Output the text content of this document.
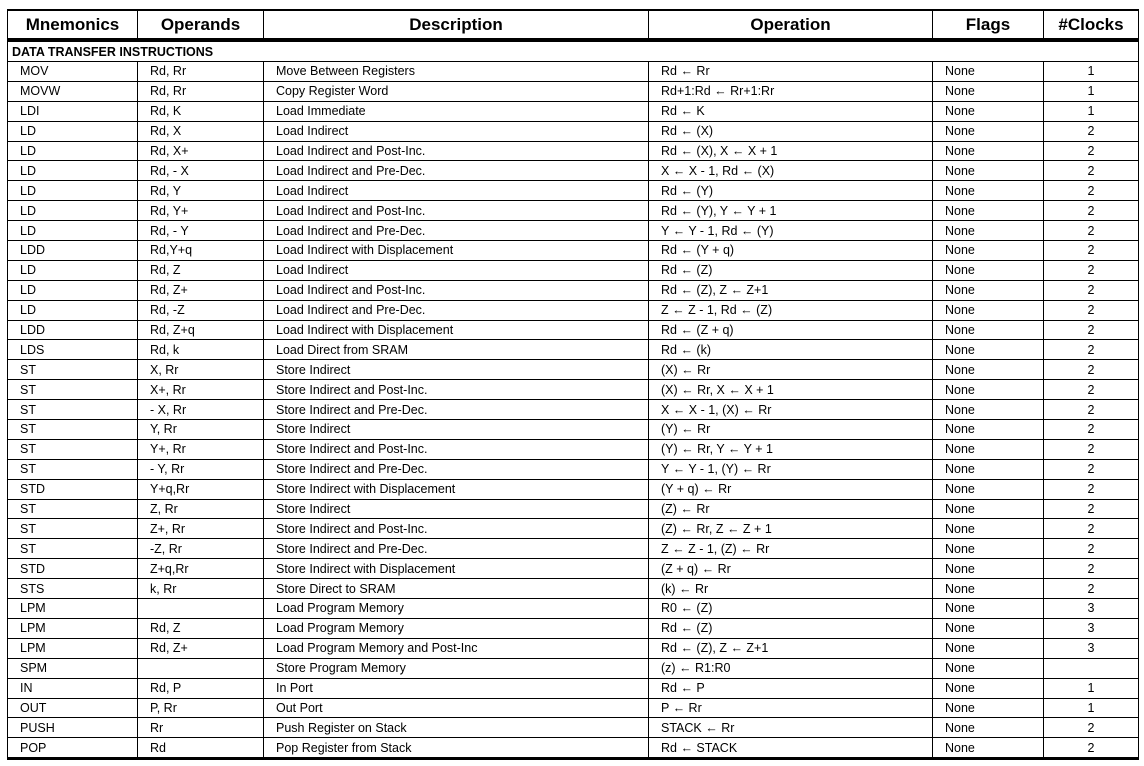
Mnemonics	Operands	Description	Operation	Flags	#Clocks
DATA TRANSFER INSTRUCTIONS					
MOV	Rd, Rr	Move Between Registers	Rd ← Rr	None	1
MOVW	Rd, Rr	Copy Register Word	Rd+1:Rd ← Rr+1:Rr	None	1
LDI	Rd, K	Load Immediate	Rd ← K	None	1
LD	Rd, X	Load Indirect	Rd ← (X)	None	2
LD	Rd, X+	Load Indirect and Post-Inc.	Rd ← (X), X ← X + 1	None	2
LD	Rd, - X	Load Indirect and Pre-Dec.	X ← X - 1, Rd ← (X)	None	2
LD	Rd, Y	Load Indirect	Rd ← (Y)	None	2
LD	Rd, Y+	Load Indirect and Post-Inc.	Rd ← (Y), Y ← Y + 1	None	2
LD	Rd, - Y	Load Indirect and Pre-Dec.	Y ← Y - 1, Rd ← (Y)	None	2
LDD	Rd,Y+q	Load Indirect with Displacement	Rd ← (Y + q)	None	2
LD	Rd, Z	Load Indirect	Rd ← (Z)	None	2
LD	Rd, Z+	Load Indirect and Post-Inc.	Rd ← (Z), Z ← Z+1	None	2
LD	Rd, -Z	Load Indirect and Pre-Dec.	Z ← Z - 1, Rd ← (Z)	None	2
LDD	Rd, Z+q	Load Indirect with Displacement	Rd ← (Z + q)	None	2
LDS	Rd, k	Load Direct from SRAM	Rd ← (k)	None	2
ST	X, Rr	Store Indirect	(X) ← Rr	None	2
ST	X+, Rr	Store Indirect and Post-Inc.	(X) ← Rr, X ← X + 1	None	2
ST	- X, Rr	Store Indirect and Pre-Dec.	X ← X - 1, (X) ← Rr	None	2
ST	Y, Rr	Store Indirect	(Y) ← Rr	None	2
ST	Y+, Rr	Store Indirect and Post-Inc.	(Y) ← Rr, Y ← Y + 1	None	2
ST	- Y, Rr	Store Indirect and Pre-Dec.	Y ← Y - 1, (Y) ← Rr	None	2
STD	Y+q,Rr	Store Indirect with Displacement	(Y + q) ← Rr	None	2
ST	Z, Rr	Store Indirect	(Z) ← Rr	None	2
ST	Z+, Rr	Store Indirect and Post-Inc.	(Z) ← Rr, Z ← Z + 1	None	2
ST	-Z, Rr	Store Indirect and Pre-Dec.	Z ← Z - 1, (Z) ← Rr	None	2
STD	Z+q,Rr	Store Indirect with Displacement	(Z + q) ← Rr	None	2
STS	k, Rr	Store Direct to SRAM	(k) ← Rr	None	2
LPM		Load Program Memory	R0 ← (Z)	None	3
LPM	Rd, Z	Load Program Memory	Rd ← (Z)	None	3
LPM	Rd, Z+	Load Program Memory and Post-Inc	Rd ← (Z), Z ← Z+1	None	3
SPM		Store Program Memory	(z) ← R1:R0	None	
IN	Rd, P	In Port	Rd ← P	None	1
OUT	P, Rr	Out Port	P ← Rr	None	1
PUSH	Rr	Push Register on Stack	STACK ← Rr	None	2
POP	Rd	Pop Register from Stack	Rd ← STACK	None	2
